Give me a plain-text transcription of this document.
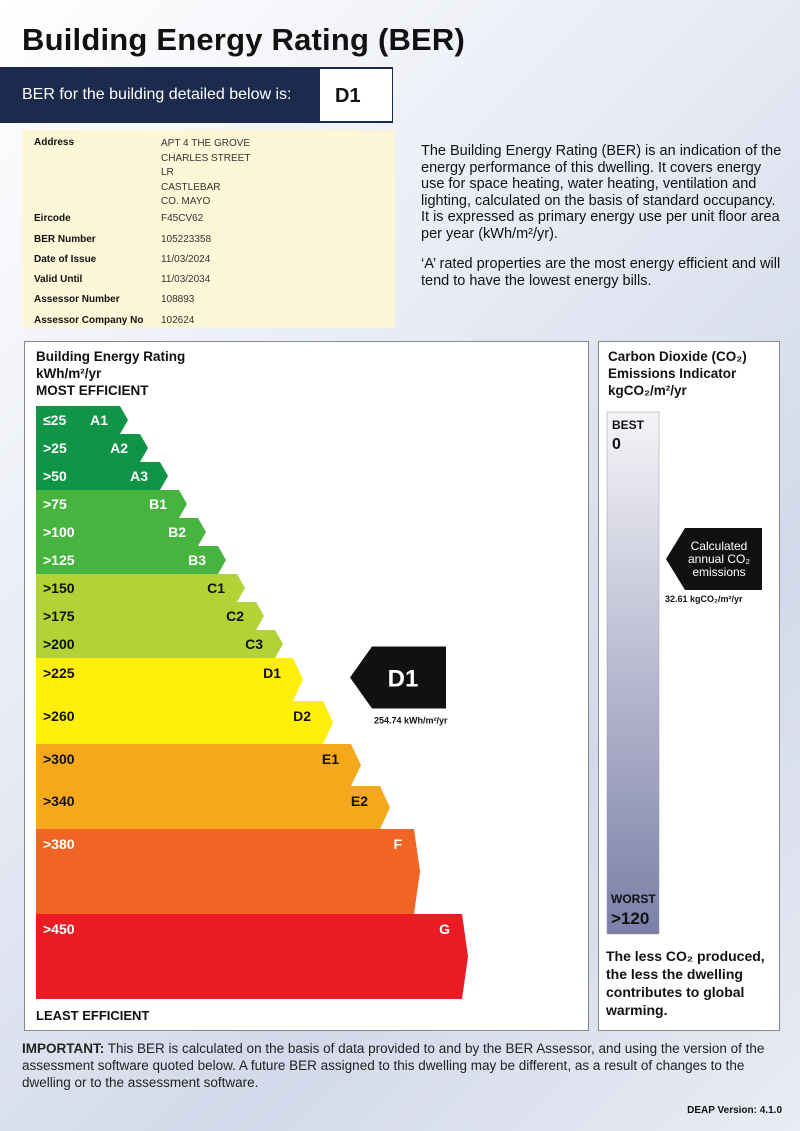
Building Energy Rating (BER)
BER for the building detailed below is:	D1
Address	APT 4 THE GROVE
CHARLES STREET
LR
CASTLEBAR
CO. MAYO
Eircode	F45CV62
BER Number	105223358
Date of Issue	11/03/2024
Valid Until	11/03/2034
Assessor Number	108893
Assessor Company No 102624

The Building Energy Rating (BER) is an indication of the energy performance of this dwelling. It covers energy use for space heating, water heating, ventilation and lighting, calculated on the basis of standard occupancy. It is expressed as primary energy use per unit floor area per year (kWh/m²/yr).

‘A’ rated properties are the most energy efficient and will tend to have the lowest energy bills.

Building Energy Rating
kWh/m²/yr
MOST EFFICIENT
≤25 A1
>25	A2
>50	A3
>75	B1
>100	B2
>125	B3
>150	C1
>175	C2
>200	C3
>225	D1
>260	D2
>300	E1
>340	E2
>380	F
>450	G
D1
254.74 kWh/m²/yr
LEAST EFFICIENT
Carbon Dioxide (CO₂)
Emissions Indicator
kgCO₂/m²/yr
Calculated
annual CO₂
emissions
BEST
0
32.61 kgCO₂/m²/yr
WORST
>120
The less CO₂ produced, the less the dwelling contributes to global warming.
IMPORTANT: This BER is calculated on the basis of data provided to and by the BER Assessor, and using the version of the assessment software quoted below. A future BER assigned to this dwelling may be different, as a result of changes to the dwelling or to the assessment software.
DEAP Version: 4.1.0
